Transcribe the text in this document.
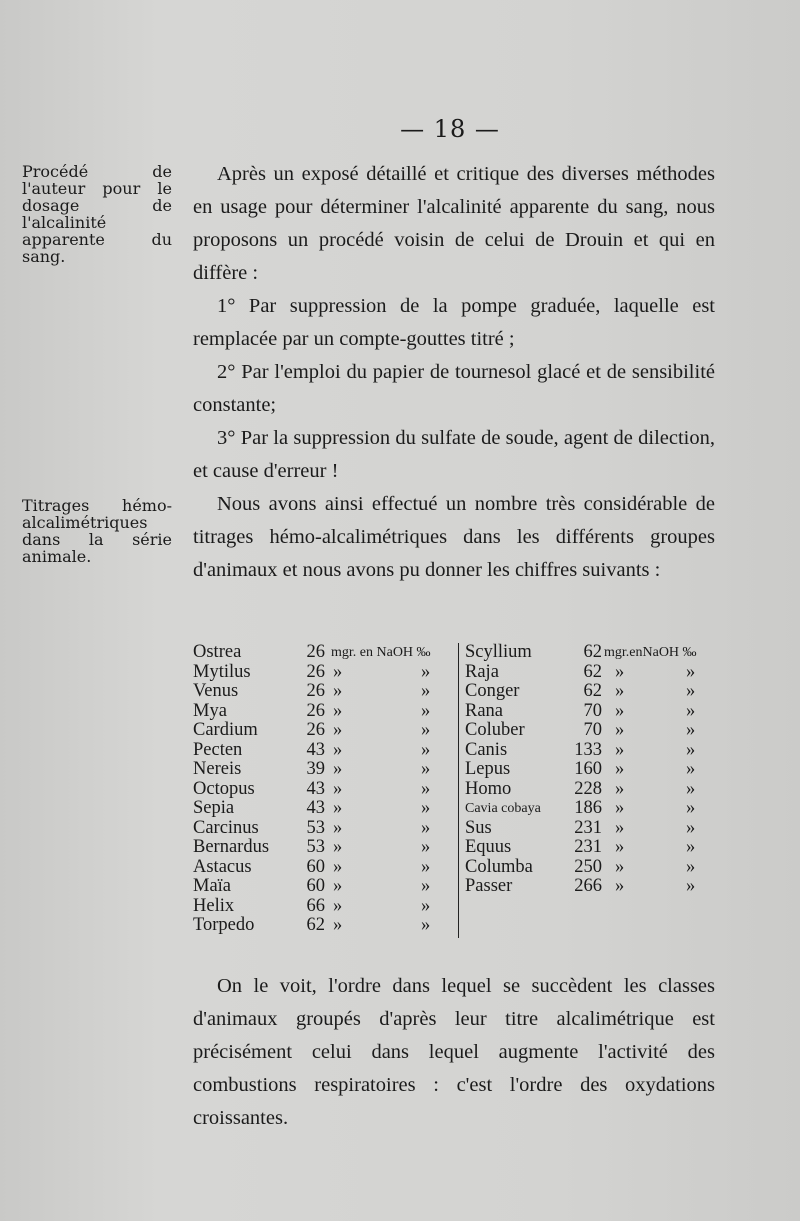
— 18 —
Procédé de l'auteur pour le dosage de l'alcalinité apparente du sang.
Titrages hémo-alcalimétriques dans la série animale.

Après un exposé détaillé et critique des diverses méthodes en usage pour déterminer l'alcalinité apparente du sang, nous proposons un procédé voisin de celui de Drouin et qui en diffère :

1° Par suppression de la pompe graduée, laquelle est remplacée par un compte-gouttes titré ;

2° Par l'emploi du papier de tournesol glacé et de sensibilité constante;

3° Par la suppression du sulfate de soude, agent de dilection, et cause d'erreur !

Nous avons ainsi effectué un nombre très considérable de titrages hémo-alcalimétriques dans les différents groupes d'animaux et nous avons pu donner les chiffres suivants :

Ostrea	26 mgr. en NaOH ‰
Mytilus	26 »	»
Venus	26 »	»
Mya	26 »	»
Cardium	26 »	»
Pecten	43 »	»
Nereis	39 »	»
Octopus	43 »	»
Sepia	43 »	»
Carcinus	53 »	»
Bernardus	53 »	»
Astacus	60 »	»
Maïa	60 »	»
Helix	66 »	»
Torpedo	62 »	»
Scyllium	62 mgr.enNaOH ‰
Raja	62 »	»
Conger	62 »	»
Rana	70 »	»
Coluber	70 »	»
Canis	133 »	»
Lepus	160 »	»
Homo	228 »	»
Cavia cobaya	186 »	»
Sus	231 »	»
Equus	231 »	»
Columba	250 »	»
Passer	266 »	»

On le voit, l'ordre dans lequel se succèdent les classes d'animaux groupés d'après leur titre alcalimétrique est précisément celui dans lequel augmente l'activité des combustions respiratoires : c'est l'ordre des oxydations croissantes.
